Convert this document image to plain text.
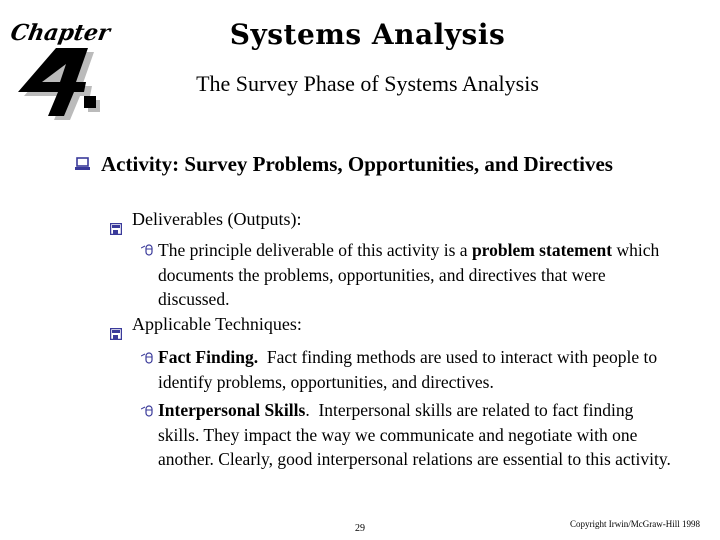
Chapter	Systems Analysis
The Survey Phase of Systems Analysis
Activity: Survey Problems, Opportunities, and Directives
Deliverables (Outputs):
The principle deliverable of this activity is a problem statement which documents the problems, opportunities, and directives that were discussed.
Applicable Techniques:
Fact Finding.  Fact finding methods are used to interact with people to identify problems, opportunities, and directives.
Interpersonal Skills.  Interpersonal skills are related to fact finding skills. They impact the way we communicate and negotiate with one another. Clearly, good interpersonal relations are essential to this activity.
29	Copyright Irwin/McGraw-Hill 1998
